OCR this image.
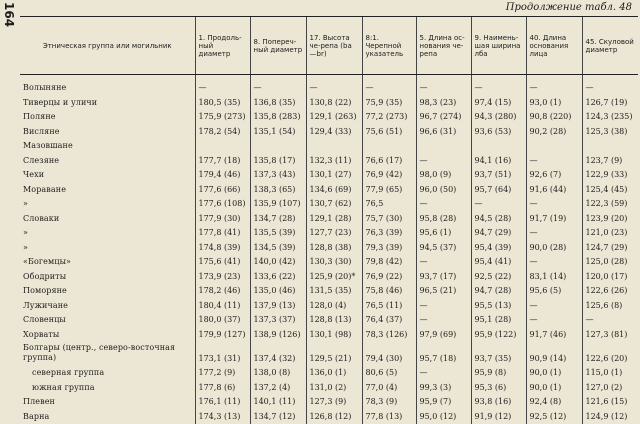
164	Продолжение табл. 48
Этническая группа или могильник	1. Продоль-ный диаметр	8. Попереч-ный диаметр	17. Высота че-репа (ba—br)	8:1. Черепной указатель	5. Длина ос-нования че-репа	9. Наимень-шая ширина лба	40. Длина основания лица	45. Скуловой диаметр

Волыняне	—	—	—	—	—	—	—	—
Тиверцы и уличи	180,5 (35)	136,8 (35)	130,8 (22)	75,9 (35)	98,3 (23)	97,4 (15)	93,0 (1)	126,7 (19)
Поляне	175,9 (273)	135,8 (283)	129,1 (263)	77,2 (273)	96,7 (274)	94,3 (280)	90,8 (220)	124,3 (235)
Висляне	178,2 (54)	135,1 (54)	129,4 (33)	75,6 (51)	96,6 (31)	93,6 (53)	90,2 (28)	125,3 (38)
Мазовшане								
Слезяне	177,7 (18)	135,8 (17)	132,3 (11)	76,6 (17)	—	94,1 (16)	—	123,7 (9)
Чехи	179,4 (46)	137,3 (43)	130,1 (27)	76,9 (42)	98,0 (9)	93,7 (51)	92,6 (7)	122,9 (33)
Мораване	177,6 (66)	138,3 (65)	134,6 (69)	77,9 (65)	96,0 (50)	95,7 (64)	91,6 (44)	125,4 (45)
»	177,6 (108)	135,9 (107)	130,7 (62)	76,5	—	—	—	122,3 (59)
Словаки	177,9 (30)	134,7 (28)	129,1 (28)	75,7 (30)	95,8 (28)	94,5 (28)	91,7 (19)	123,9 (20)
»	177,8 (41)	135,5 (39)	127,7 (23)	76,3 (39)	95,6 (1)	94,7 (29)	—	121,0 (23)
»	174,8 (39)	134,5 (39)	128,8 (38)	79,3 (39)	94,5 (37)	95,4 (39)	90,0 (28)	124,7 (29)
«Богемцы»	175,6 (41)	140,0 (42)	130,3 (30)	79,8 (42)	—	95,4 (41)	—	125,0 (28)
Ободриты	173,9 (23)	133,6 (22)	125,9 (20)*	76,9 (22)	93,7 (17)	92,5 (22)	83,1 (14)	120,0 (17)
Поморяне	178,2 (46)	135,0 (46)	131,5 (35)	75,8 (46)	96,5 (21)	94,7 (28)	95,6 (5)	122,6 (26)
Лужичане	180,4 (11)	137,9 (13)	128,0 (4)	76,5 (11)	—	95,5 (13)	—	125,6 (8)
Словенцы	180,0 (37)	137,3 (37)	128,8 (13)	76,4 (37)	—	95,1 (28)	—	—
Хорваты	179,9 (127)	138,9 (126)	130,1 (98)	78,3 (126)	97,9 (69)	95,9 (122)	91,7 (46)	127,3 (81)
Болгары (центр., северо-восточная группа)	173,1 (31)	137,4 (32)	129,5 (21)	79,4 (30)	95,7 (18)	93,7 (35)	90,9 (14)	122,6 (20)
северная группа	177,2 (9)	138,0 (8)	136,0 (1)	80,6 (5)	—	95,9 (8)	90,0 (1)	115,0 (1)
южная группа	177,8 (6)	137,2 (4)	131,0 (2)	77,0 (4)	99,3 (3)	95,3 (6)	90,0 (1)	127,0 (2)
Плевен	176,1 (11)	140,1 (11)	127,3 (9)	78,3 (9)	95,9 (7)	93,8 (16)	92,4 (8)	121,6 (15)
Варна	174,3 (13)	134,7 (12)	126,8 (12)	77,8 (13)	95,0 (12)	91,9 (12)	92,5 (12)	124,9 (12)
